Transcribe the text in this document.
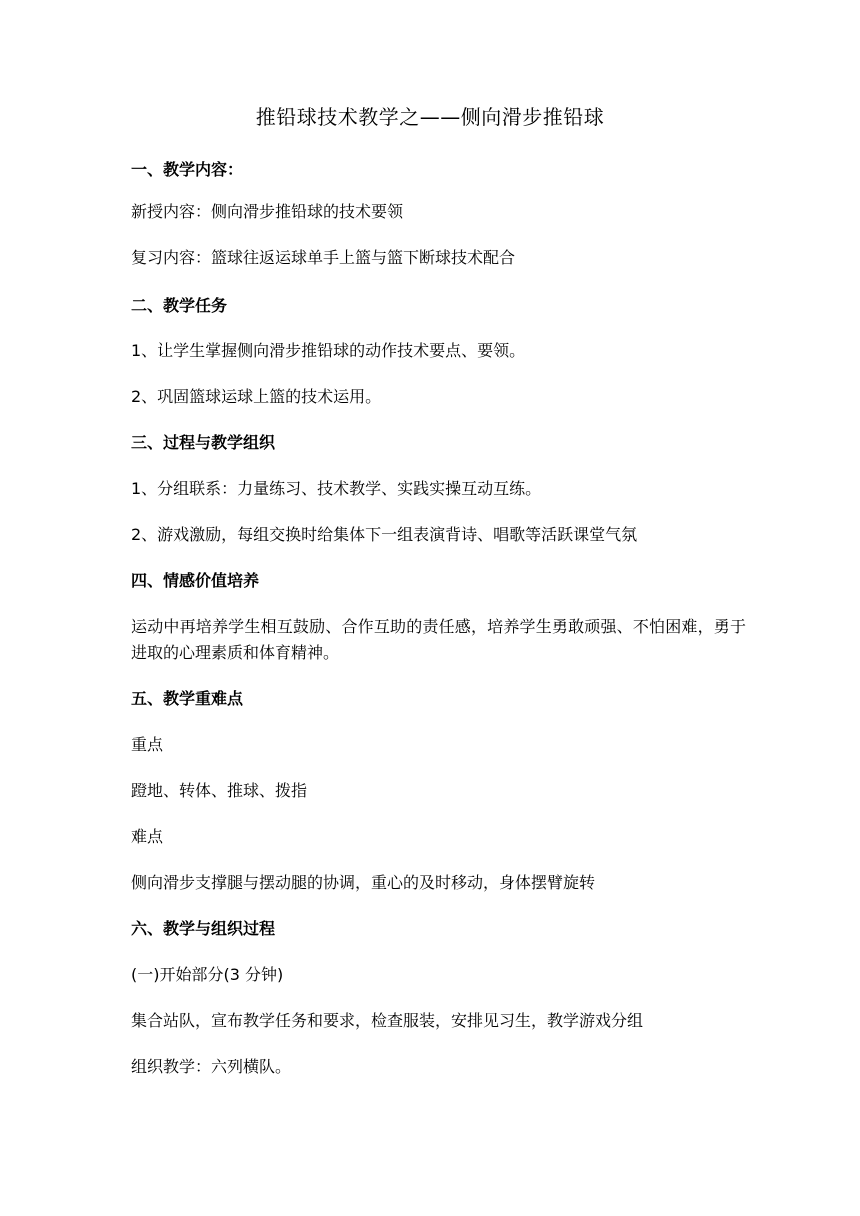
推铅球技术教学之——侧向滑步推铅球
一、教学内容：
新授内容：侧向滑步推铅球的技术要领
复习内容：篮球往返运球单手上篮与篮下断球技术配合
二、教学任务
1、让学生掌握侧向滑步推铅球的动作技术要点、要领。
2、巩固篮球运球上篮的技术运用。
三、过程与教学组织
1、分组联系：力量练习、技术教学、实践实操互动互练。
2、游戏激励，每组交换时给集体下一组表演背诗、唱歌等活跃课堂气氛
四、情感价值培养
运动中再培养学生相互鼓励、合作互助的责任感，培养学生勇敢顽强、不怕困难，勇于进取的心理素质和体育精神。
五、教学重难点
重点
蹬地、转体、推球、拨指
难点
侧向滑步支撑腿与摆动腿的协调，重心的及时移动，身体摆臂旋转
六、教学与组织过程
(一)开始部分(3 分钟)
集合站队，宣布教学任务和要求，检查服装，安排见习生，教学游戏分组
组织教学：六列横队。
